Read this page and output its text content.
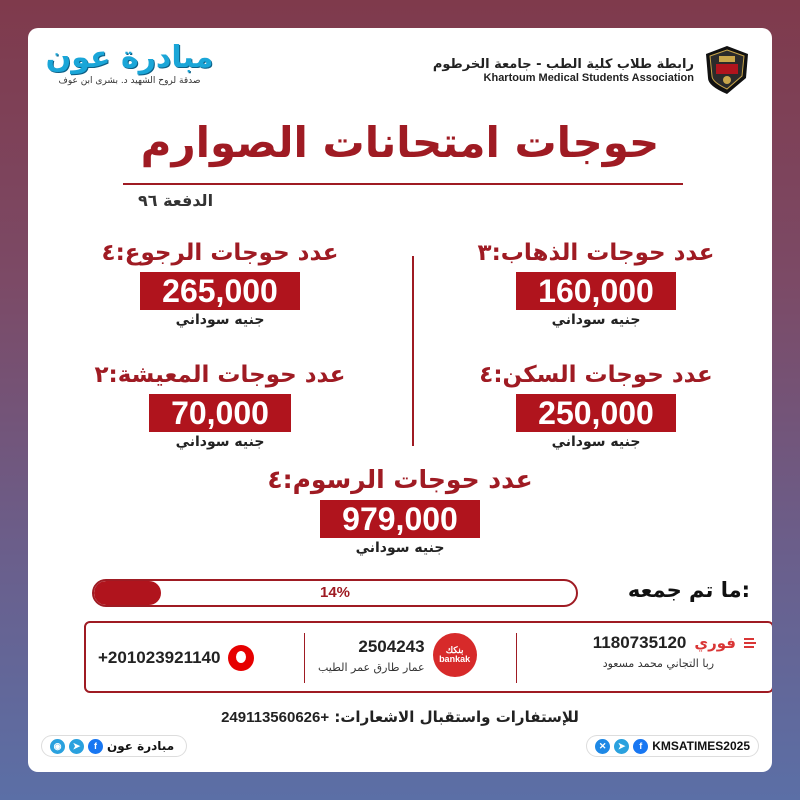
مبادرة عون
صدقة لروح الشهيد د. بشرى ابن عوف
رابطة طلاب كلية الطب - جامعة الخرطوم
Khartoum Medical Students Association
حوجات امتحانات الصوارم
الدفعة ٩٦
عدد حوجات الذهاب:٣
160,000
جنيه سوداني
عدد حوجات الرجوع:٤
265,000
جنيه سوداني
عدد حوجات السكن:٤
250,000
جنيه سوداني
عدد حوجات المعيشة:٢
70,000
جنيه سوداني
عدد حوجات الرسوم:٤
979,000
جنيه سوداني
ما تم جمعه:
14%
1180735120 فوري
ربا التجاني محمد مسعود
2504243
عمار طارق عمر الطيب
بنكك
bankak
+201023921140
للإستفارات واستقبال الاشعارات: +249113560626
◉	➤	f مبادرة عون	✕	➤	f KMSATIMES2025
